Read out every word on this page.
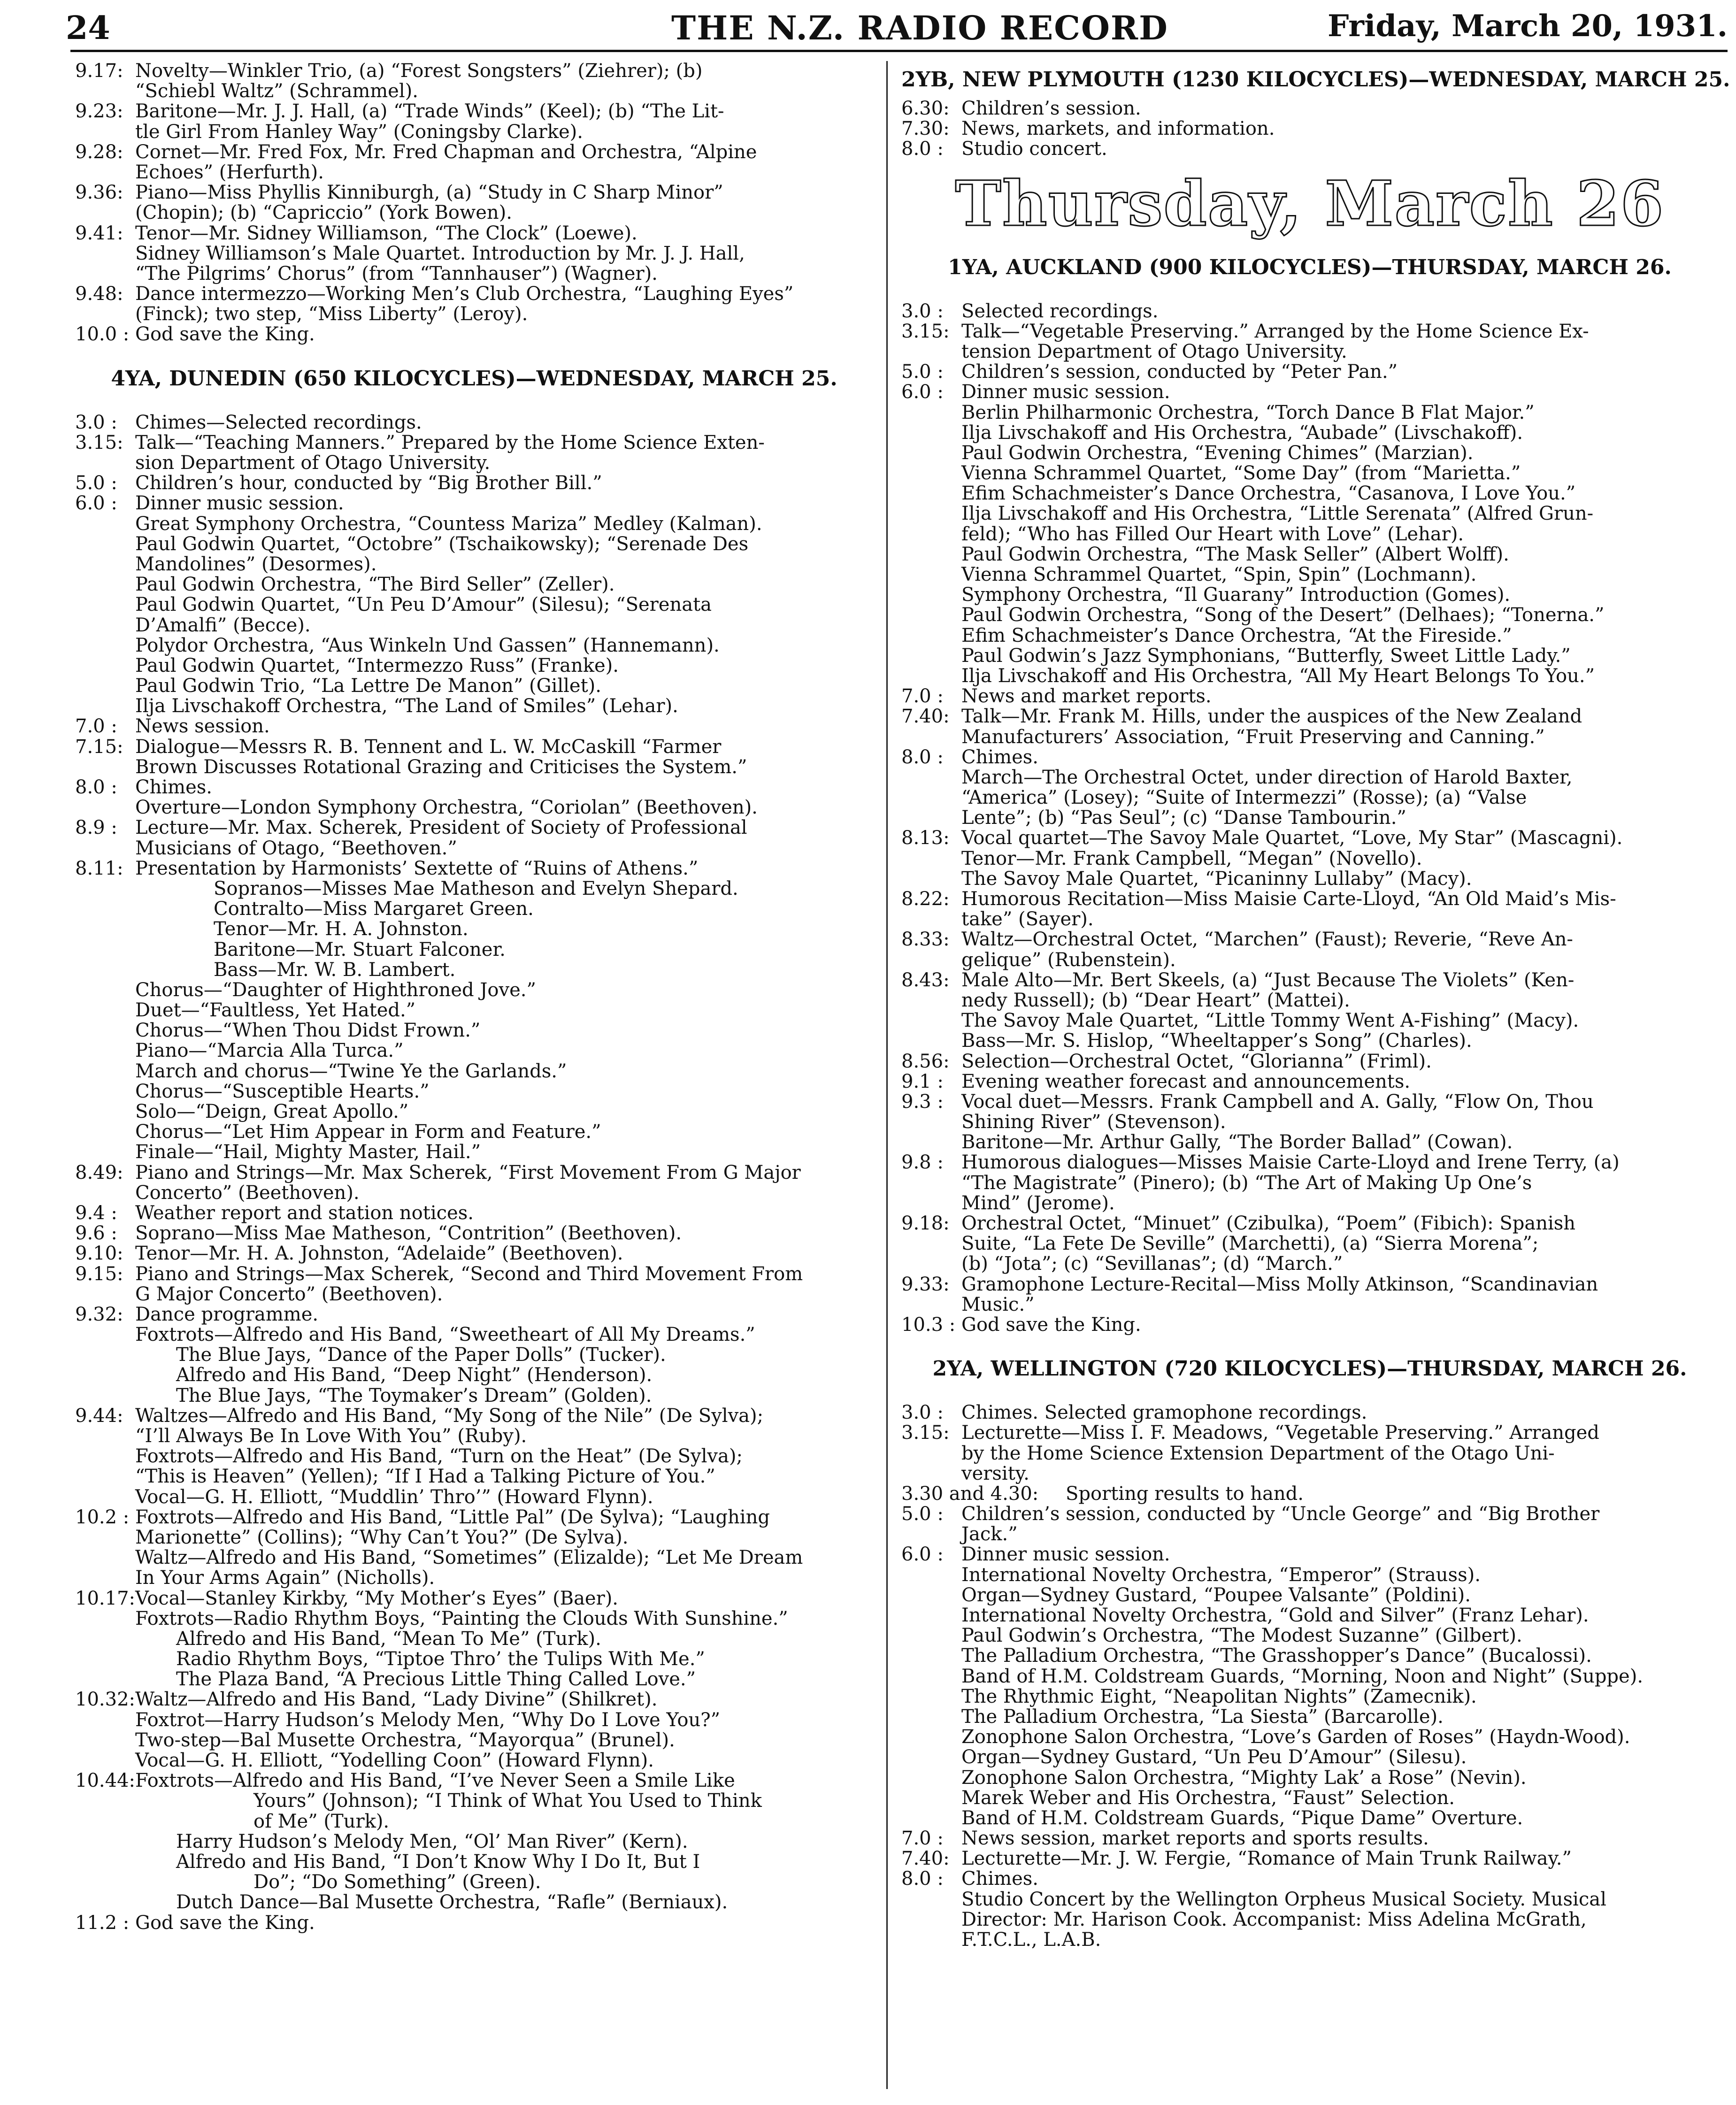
24	THE N.Z. RADIO RECORD	Friday, March 20, 1931.
9.17: Novelty—Winkler Trio, (a) “Forest Songsters” (Ziehrer); (b)
“Schiebl Waltz” (Schrammel).
9.23: Baritone—Mr. J. J. Hall, (a) “Trade Winds” (Keel); (b) “The Lit-
tle Girl From Hanley Way” (Coningsby Clarke).
9.28: Cornet—Mr. Fred Fox, Mr. Fred Chapman and Orchestra, “Alpine
Echoes” (Herfurth).
9.36: Piano—Miss Phyllis Kinniburgh, (a) “Study in C Sharp Minor”
(Chopin); (b) “Capriccio” (York Bowen).
9.41: Tenor—Mr. Sidney Williamson, “The Clock” (Loewe).
Sidney Williamson’s Male Quartet. Introduction by Mr. J. J. Hall,
“The Pilgrims’ Chorus” (from “Tannhauser”) (Wagner).
9.48: Dance intermezzo—Working Men’s Club Orchestra, “Laughing Eyes”
(Finck); two step, “Miss Liberty” (Leroy).
10.0 : God save the King.
4YA, DUNEDIN (650 KILOCYCLES)—WEDNESDAY, MARCH 25.
3.0 : Chimes—Selected recordings.
3.15: Talk—“Teaching Manners.” Prepared by the Home Science Exten-
sion Department of Otago University.
5.0 : Children’s hour, conducted by “Big Brother Bill.”
6.0 : Dinner music session.
Great Symphony Orchestra, “Countess Mariza” Medley (Kalman).
Paul Godwin Quartet, “Octobre” (Tschaikowsky); “Serenade Des
Mandolines” (Desormes).
Paul Godwin Orchestra, “The Bird Seller” (Zeller).
Paul Godwin Quartet, “Un Peu D’Amour” (Silesu); “Serenata
D’Amalfi” (Becce).
Polydor Orchestra, “Aus Winkeln Und Gassen” (Hannemann).
Paul Godwin Quartet, “Intermezzo Russ” (Franke).
Paul Godwin Trio, “La Lettre De Manon” (Gillet).
Ilja Livschakoff Orchestra, “The Land of Smiles” (Lehar).
7.0 : News session.
7.15: Dialogue—Messrs R. B. Tennent and L. W. McCaskill “Farmer
Brown Discusses Rotational Grazing and Criticises the System.”
8.0 : Chimes.
Overture—London Symphony Orchestra, “Coriolan” (Beethoven).
8.9 : Lecture—Mr. Max. Scherek, President of Society of Professional
Musicians of Otago, “Beethoven.”
8.11: Presentation by Harmonists’ Sextette of “Ruins of Athens.”
Sopranos—Misses Mae Matheson and Evelyn Shepard.
Contralto—Miss Margaret Green.
Tenor—Mr. H. A. Johnston.
Baritone—Mr. Stuart Falconer.
Bass—Mr. W. B. Lambert.
Chorus—“Daughter of Highthroned Jove.”
Duet—“Faultless, Yet Hated.”
Chorus—“When Thou Didst Frown.”
Piano—“Marcia Alla Turca.”
March and chorus—“Twine Ye the Garlands.”
Chorus—“Susceptible Hearts.”
Solo—“Deign, Great Apollo.”
Chorus—“Let Him Appear in Form and Feature.”
Finale—“Hail, Mighty Master, Hail.”
8.49: Piano and Strings—Mr. Max Scherek, “First Movement From G Major
Concerto” (Beethoven).
9.4 : Weather report and station notices.
9.6 : Soprano—Miss Mae Matheson, “Contrition” (Beethoven).
9.10: Tenor—Mr. H. A. Johnston, “Adelaide” (Beethoven).
9.15: Piano and Strings—Max Scherek, “Second and Third Movement From
G Major Concerto” (Beethoven).
9.32: Dance programme.
Foxtrots—Alfredo and His Band, “Sweetheart of All My Dreams.”
The Blue Jays, “Dance of the Paper Dolls” (Tucker).
Alfredo and His Band, “Deep Night” (Henderson).
The Blue Jays, “The Toymaker’s Dream” (Golden).
9.44: Waltzes—Alfredo and His Band, “My Song of the Nile” (De Sylva);
“I’ll Always Be In Love With You” (Ruby).
Foxtrots—Alfredo and His Band, “Turn on the Heat” (De Sylva);
“This is Heaven” (Yellen); “If I Had a Talking Picture of You.”
Vocal—G. H. Elliott, “Muddlin’ Thro’” (Howard Flynn).
10.2 : Foxtrots—Alfredo and His Band, “Little Pal” (De Sylva); “Laughing
Marionette” (Collins); “Why Can’t You?” (De Sylva).
Waltz—Alfredo and His Band, “Sometimes” (Elizalde); “Let Me Dream
In Your Arms Again” (Nicholls).
10.17: Vocal—Stanley Kirkby, “My Mother’s Eyes” (Baer).
Foxtrots—Radio Rhythm Boys, “Painting the Clouds With Sunshine.”
Alfredo and His Band, “Mean To Me” (Turk).
Radio Rhythm Boys, “Tiptoe Thro’ the Tulips With Me.”
The Plaza Band, “A Precious Little Thing Called Love.”
10.32: Waltz—Alfredo and His Band, “Lady Divine” (Shilkret).
Foxtrot—Harry Hudson’s Melody Men, “Why Do I Love You?”
Two-step—Bal Musette Orchestra, “Mayorqua” (Brunel).
Vocal—G. H. Elliott, “Yodelling Coon” (Howard Flynn).
10.44: Foxtrots—Alfredo and His Band, “I’ve Never Seen a Smile Like
Yours” (Johnson); “I Think of What You Used to Think
of Me” (Turk).
Harry Hudson’s Melody Men, “Ol’ Man River” (Kern).
Alfredo and His Band, “I Don’t Know Why I Do It, But I
Do”; “Do Something” (Green).
Dutch Dance—Bal Musette Orchestra, “Rafle” (Berniaux).
11.2 : God save the King.
2YB, NEW PLYMOUTH (1230 KILOCYCLES)—WEDNESDAY, MARCH 25.
6.30: Children’s session.
7.30: News, markets, and information.
8.0 : Studio concert.
Thursday, March 26
1YA, AUCKLAND (900 KILOCYCLES)—THURSDAY, MARCH 26.
3.0 : Selected recordings.
3.15: Talk—“Vegetable Preserving.” Arranged by the Home Science Ex-
tension Department of Otago University.
5.0 : Children’s session, conducted by “Peter Pan.”
6.0 : Dinner music session.
Berlin Philharmonic Orchestra, “Torch Dance B Flat Major.”
Ilja Livschakoff and His Orchestra, “Aubade” (Livschakoff).
Paul Godwin Orchestra, “Evening Chimes” (Marzian).
Vienna Schrammel Quartet, “Some Day” (from “Marietta.”
Efim Schachmeister’s Dance Orchestra, “Casanova, I Love You.”
Ilja Livschakoff and His Orchestra, “Little Serenata” (Alfred Grun-
feld); “Who has Filled Our Heart with Love” (Lehar).
Paul Godwin Orchestra, “The Mask Seller” (Albert Wolff).
Vienna Schrammel Quartet, “Spin, Spin” (Lochmann).
Symphony Orchestra, “Il Guarany” Introduction (Gomes).
Paul Godwin Orchestra, “Song of the Desert” (Delhaes); “Tonerna.”
Efim Schachmeister’s Dance Orchestra, “At the Fireside.”
Paul Godwin’s Jazz Symphonians, “Butterfly, Sweet Little Lady.”
Ilja Livschakoff and His Orchestra, “All My Heart Belongs To You.”
7.0 : News and market reports.
7.40: Talk—Mr. Frank M. Hills, under the auspices of the New Zealand
Manufacturers’ Association, “Fruit Preserving and Canning.”
8.0 : Chimes.
March—The Orchestral Octet, under direction of Harold Baxter,
“America” (Losey); “Suite of Intermezzi” (Rosse); (a) “Valse
Lente”; (b) “Pas Seul”; (c) “Danse Tambourin.”
8.13: Vocal quartet—The Savoy Male Quartet, “Love, My Star” (Mascagni).
Tenor—Mr. Frank Campbell, “Megan” (Novello).
The Savoy Male Quartet, “Picaninny Lullaby” (Macy).
8.22: Humorous Recitation—Miss Maisie Carte-Lloyd, “An Old Maid’s Mis-
take” (Sayer).
8.33: Waltz—Orchestral Octet, “Marchen” (Faust); Reverie, “Reve An-
gelique” (Rubenstein).
8.43: Male Alto—Mr. Bert Skeels, (a) “Just Because The Violets” (Ken-
nedy Russell); (b) “Dear Heart” (Mattei).
The Savoy Male Quartet, “Little Tommy Went A-Fishing” (Macy).
Bass—Mr. S. Hislop, “Wheeltapper’s Song” (Charles).
8.56: Selection—Orchestral Octet, “Glorianna” (Friml).
9.1 : Evening weather forecast and announcements.
9.3 : Vocal duet—Messrs. Frank Campbell and A. Gally, “Flow On, Thou
Shining River” (Stevenson).
Baritone—Mr. Arthur Gally, “The Border Ballad” (Cowan).
9.8 : Humorous dialogues—Misses Maisie Carte-Lloyd and Irene Terry, (a)
“The Magistrate” (Pinero); (b) “The Art of Making Up One’s
Mind” (Jerome).
9.18: Orchestral Octet, “Minuet” (Czibulka), “Poem” (Fibich): Spanish
Suite, “La Fete De Seville” (Marchetti), (a) “Sierra Morena”;
(b) “Jota”; (c) “Sevillanas”; (d) “March.”
9.33: Gramophone Lecture-Recital—Miss Molly Atkinson, “Scandinavian
Music.”
10.3 : God save the King.
2YA, WELLINGTON (720 KILOCYCLES)—THURSDAY, MARCH 26.
3.0 : Chimes. Selected gramophone recordings.
3.15: Lecturette—Miss I. F. Meadows, “Vegetable Preserving.” Arranged
by the Home Science Extension Department of the Otago Uni-
versity.
3.30 and 4.30: Sporting results to hand.
5.0 : Children’s session, conducted by “Uncle George” and “Big Brother
Jack.”
6.0 : Dinner music session.
International Novelty Orchestra, “Emperor” (Strauss).
Organ—Sydney Gustard, “Poupee Valsante” (Poldini).
International Novelty Orchestra, “Gold and Silver” (Franz Lehar).
Paul Godwin’s Orchestra, “The Modest Suzanne” (Gilbert).
The Palladium Orchestra, “The Grasshopper’s Dance” (Bucalossi).
Band of H.M. Coldstream Guards, “Morning, Noon and Night” (Suppe).
The Rhythmic Eight, “Neapolitan Nights” (Zamecnik).
The Palladium Orchestra, “La Siesta” (Barcarolle).
Zonophone Salon Orchestra, “Love’s Garden of Roses” (Haydn-Wood).
Organ—Sydney Gustard, “Un Peu D’Amour” (Silesu).
Zonophone Salon Orchestra, “Mighty Lak’ a Rose” (Nevin).
Marek Weber and His Orchestra, “Faust” Selection.
Band of H.M. Coldstream Guards, “Pique Dame” Overture.
7.0 : News session, market reports and sports results.
7.40: Lecturette—Mr. J. W. Fergie, “Romance of Main Trunk Railway.”
8.0 : Chimes.
Studio Concert by the Wellington Orpheus Musical Society. Musical
Director: Mr. Harison Cook. Accompanist: Miss Adelina McGrath,
F.T.C.L., L.A.B.
